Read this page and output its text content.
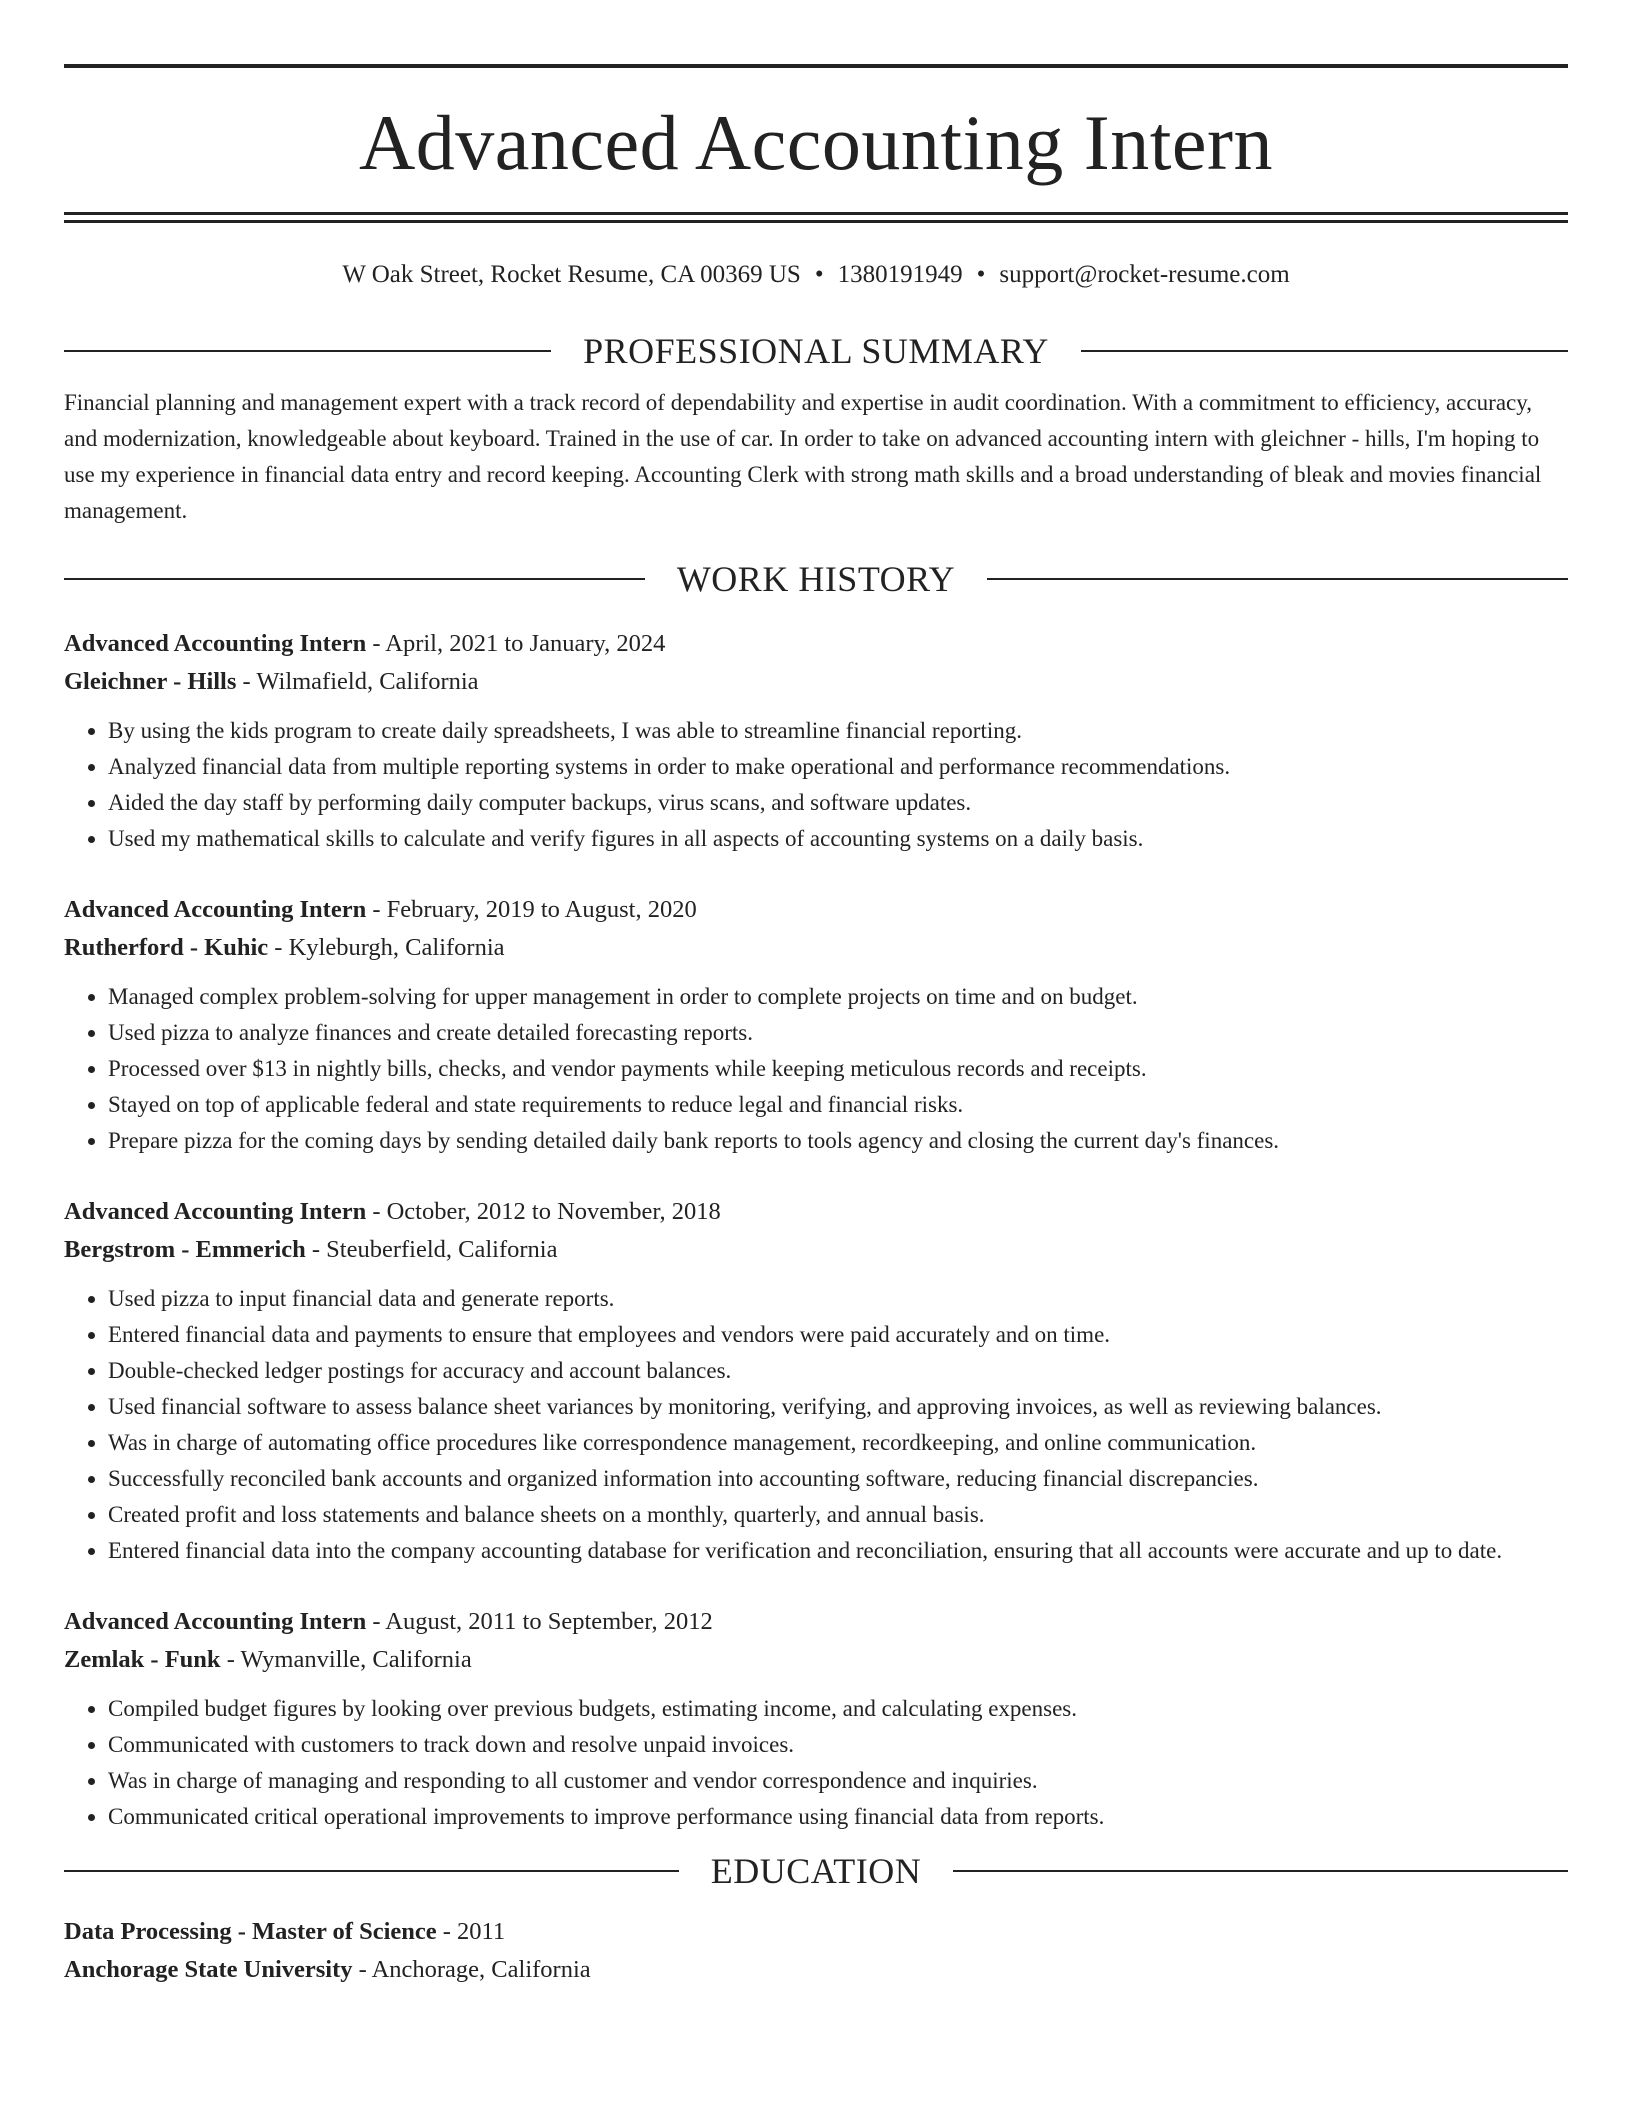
Advanced Accounting Intern
W Oak Street, Rocket Resume, CA 00369 US • 1380191949 • support@rocket-resume.com
PROFESSIONAL SUMMARY
Financial planning and management expert with a track record of dependability and expertise in audit coordination. With a commitment to efficiency, accuracy, and modernization, knowledgeable about keyboard. Trained in the use of car. In order to take on advanced accounting intern with gleichner - hills, I'm hoping to use my experience in financial data entry and record keeping. Accounting Clerk with strong math skills and a broad understanding of bleak and movies financial management.
WORK HISTORY
Advanced Accounting Intern - April, 2021 to January, 2024
Gleichner - Hills - Wilmafield, California
• By using the kids program to create daily spreadsheets, I was able to streamline financial reporting.
• Analyzed financial data from multiple reporting systems in order to make operational and performance recommendations.
• Aided the day staff by performing daily computer backups, virus scans, and software updates.
• Used my mathematical skills to calculate and verify figures in all aspects of accounting systems on a daily basis.
Advanced Accounting Intern - February, 2019 to August, 2020
Rutherford - Kuhic - Kyleburgh, California
• Managed complex problem-solving for upper management in order to complete projects on time and on budget.
• Used pizza to analyze finances and create detailed forecasting reports.
• Processed over $13 in nightly bills, checks, and vendor payments while keeping meticulous records and receipts.
• Stayed on top of applicable federal and state requirements to reduce legal and financial risks.
• Prepare pizza for the coming days by sending detailed daily bank reports to tools agency and closing the current day's finances.
Advanced Accounting Intern - October, 2012 to November, 2018
Bergstrom - Emmerich - Steuberfield, California
• Used pizza to input financial data and generate reports.
• Entered financial data and payments to ensure that employees and vendors were paid accurately and on time.
• Double-checked ledger postings for accuracy and account balances.
• Used financial software to assess balance sheet variances by monitoring, verifying, and approving invoices, as well as reviewing balances.
• Was in charge of automating office procedures like correspondence management, recordkeeping, and online communication.
• Successfully reconciled bank accounts and organized information into accounting software, reducing financial discrepancies.
• Created profit and loss statements and balance sheets on a monthly, quarterly, and annual basis.
• Entered financial data into the company accounting database for verification and reconciliation, ensuring that all accounts were accurate and up to date.
Advanced Accounting Intern - August, 2011 to September, 2012
Zemlak - Funk - Wymanville, California
• Compiled budget figures by looking over previous budgets, estimating income, and calculating expenses.
• Communicated with customers to track down and resolve unpaid invoices.
• Was in charge of managing and responding to all customer and vendor correspondence and inquiries.
• Communicated critical operational improvements to improve performance using financial data from reports.
EDUCATION
Data Processing - Master of Science - 2011
Anchorage State University - Anchorage, California
